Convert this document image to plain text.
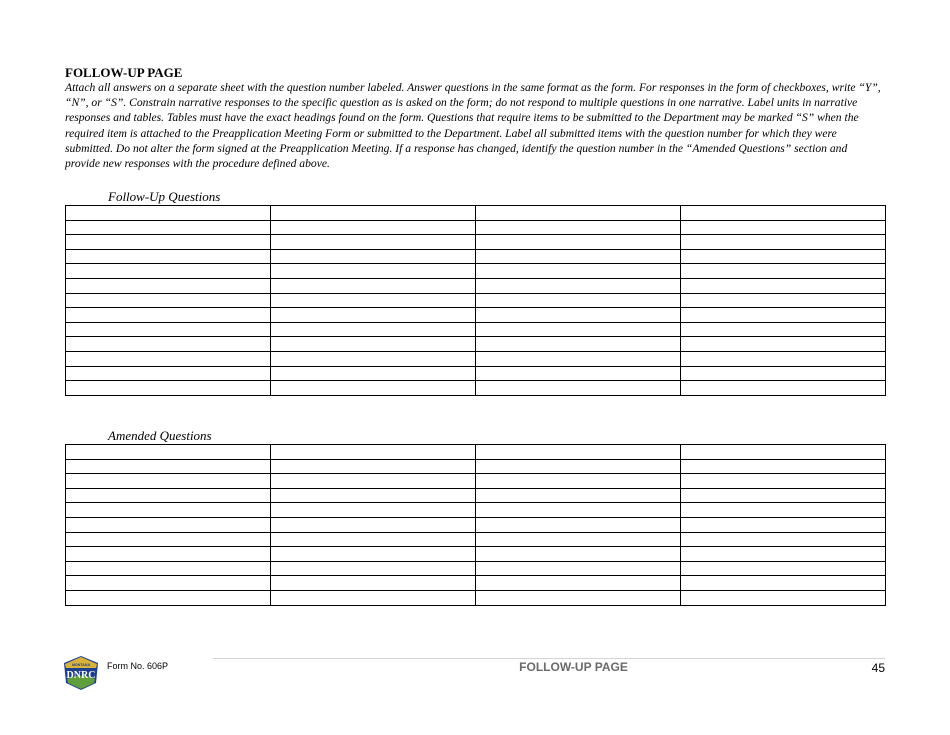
FOLLOW-UP PAGE
Attach all answers on a separate sheet with the question number labeled. Answer questions in the same format as the form. For responses in the form of checkboxes, write “Y”, “N”, or “S”. Constrain narrative responses to the specific question as is asked on the form; do not respond to multiple questions in one narrative. Label units in narrative responses and tables. Tables must have the exact headings found on the form. Questions that require items to be submitted to the Department may be marked “S” when the required item is attached to the Preapplication Meeting Form or submitted to the Department. Label all submitted items with the question number for which they were submitted. Do not alter the form signed at the Preapplication Meeting. If a response has changed, identify the question number in the “Amended Questions” section and provide new responses with the procedure defined above.
Follow-Up Questions

Amended Questions

MONTANA
DNRC
Form No. 606P	FOLLOW-UP PAGE	45
